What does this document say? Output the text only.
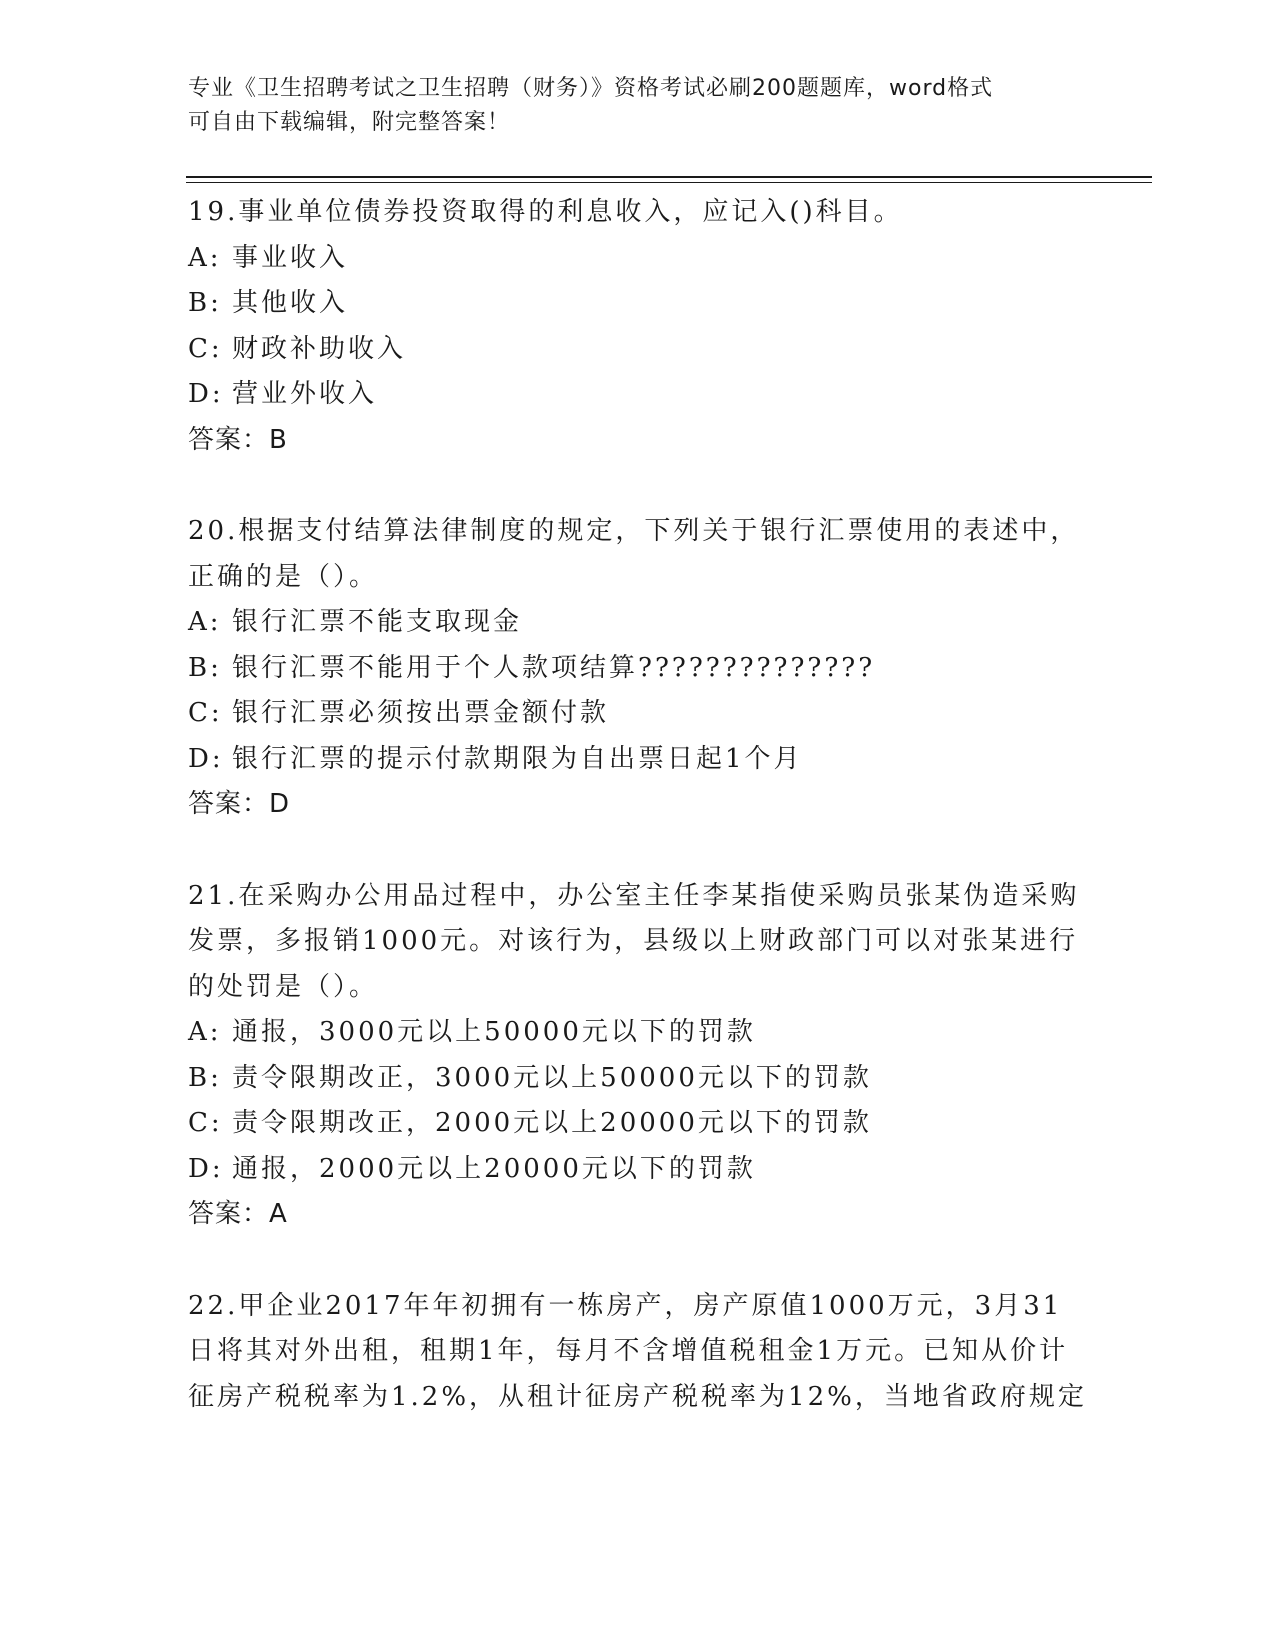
专业《卫生招聘考试之卫生招聘（财务）》资格考试必刷200题题库，word格式
可自由下载编辑，附完整答案！

19.事业单位债券投资取得的利息收入，应记入()科目。

A: 事业收入

B: 其他收入

C: 财政补助收入

D: 营业外收入

答案：B

20.根据支付结算法律制度的规定，下列关于银行汇票使用的表述中，正确的是（）。

A: 银行汇票不能支取现金

B: 银行汇票不能用于个人款项结算??????????????

C: 银行汇票必须按出票金额付款

D: 银行汇票的提示付款期限为自出票日起1个月

答案：D

21.在采购办公用品过程中，办公室主任李某指使采购员张某伪造采购发票，多报销1000元。对该行为，县级以上财政部门可以对张某进行的处罚是（）。

A: 通报，3000元以上50000元以下的罚款

B: 责令限期改正，3000元以上50000元以下的罚款

C: 责令限期改正，2000元以上20000元以下的罚款

D: 通报，2000元以上20000元以下的罚款

答案：A

22.甲企业2017年年初拥有一栋房产，房产原值1000万元，3月31日将其对外出租，租期1年，每月不含增值税租金1万元。已知从价计征房产税税率为1.2%，从租计征房产税税率为12%，当地省政府规定
